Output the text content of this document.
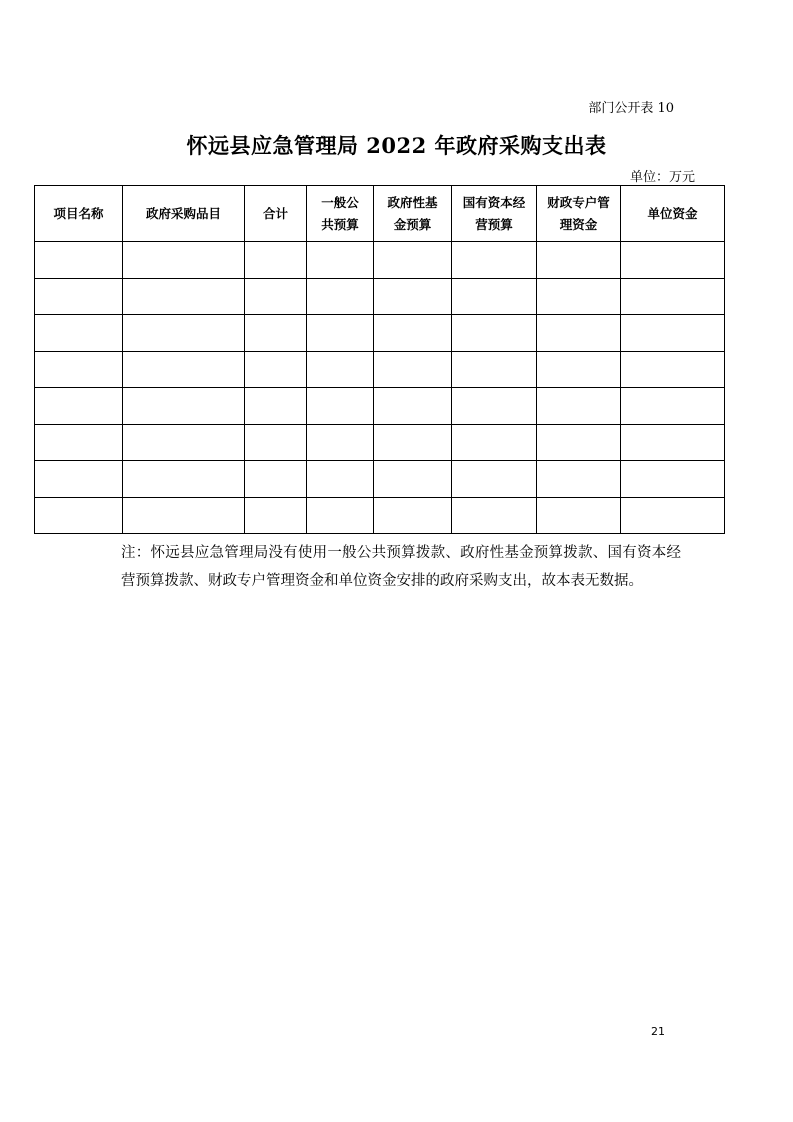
部门公开表 10
怀远县应急管理局 2022 年政府采购支出表
单位：万元
项目名称	政府采购品目	合计	一般公共预算	政府性基金预算	国有资本经营预算	财政专户管理资金	单位资金

注：怀远县应急管理局没有使用一般公共预算拨款、政府性基金预算拨款、国有资本经营预算拨款、财政专户管理资金和单位资金安排的政府采购支出，故本表无数据。

21
